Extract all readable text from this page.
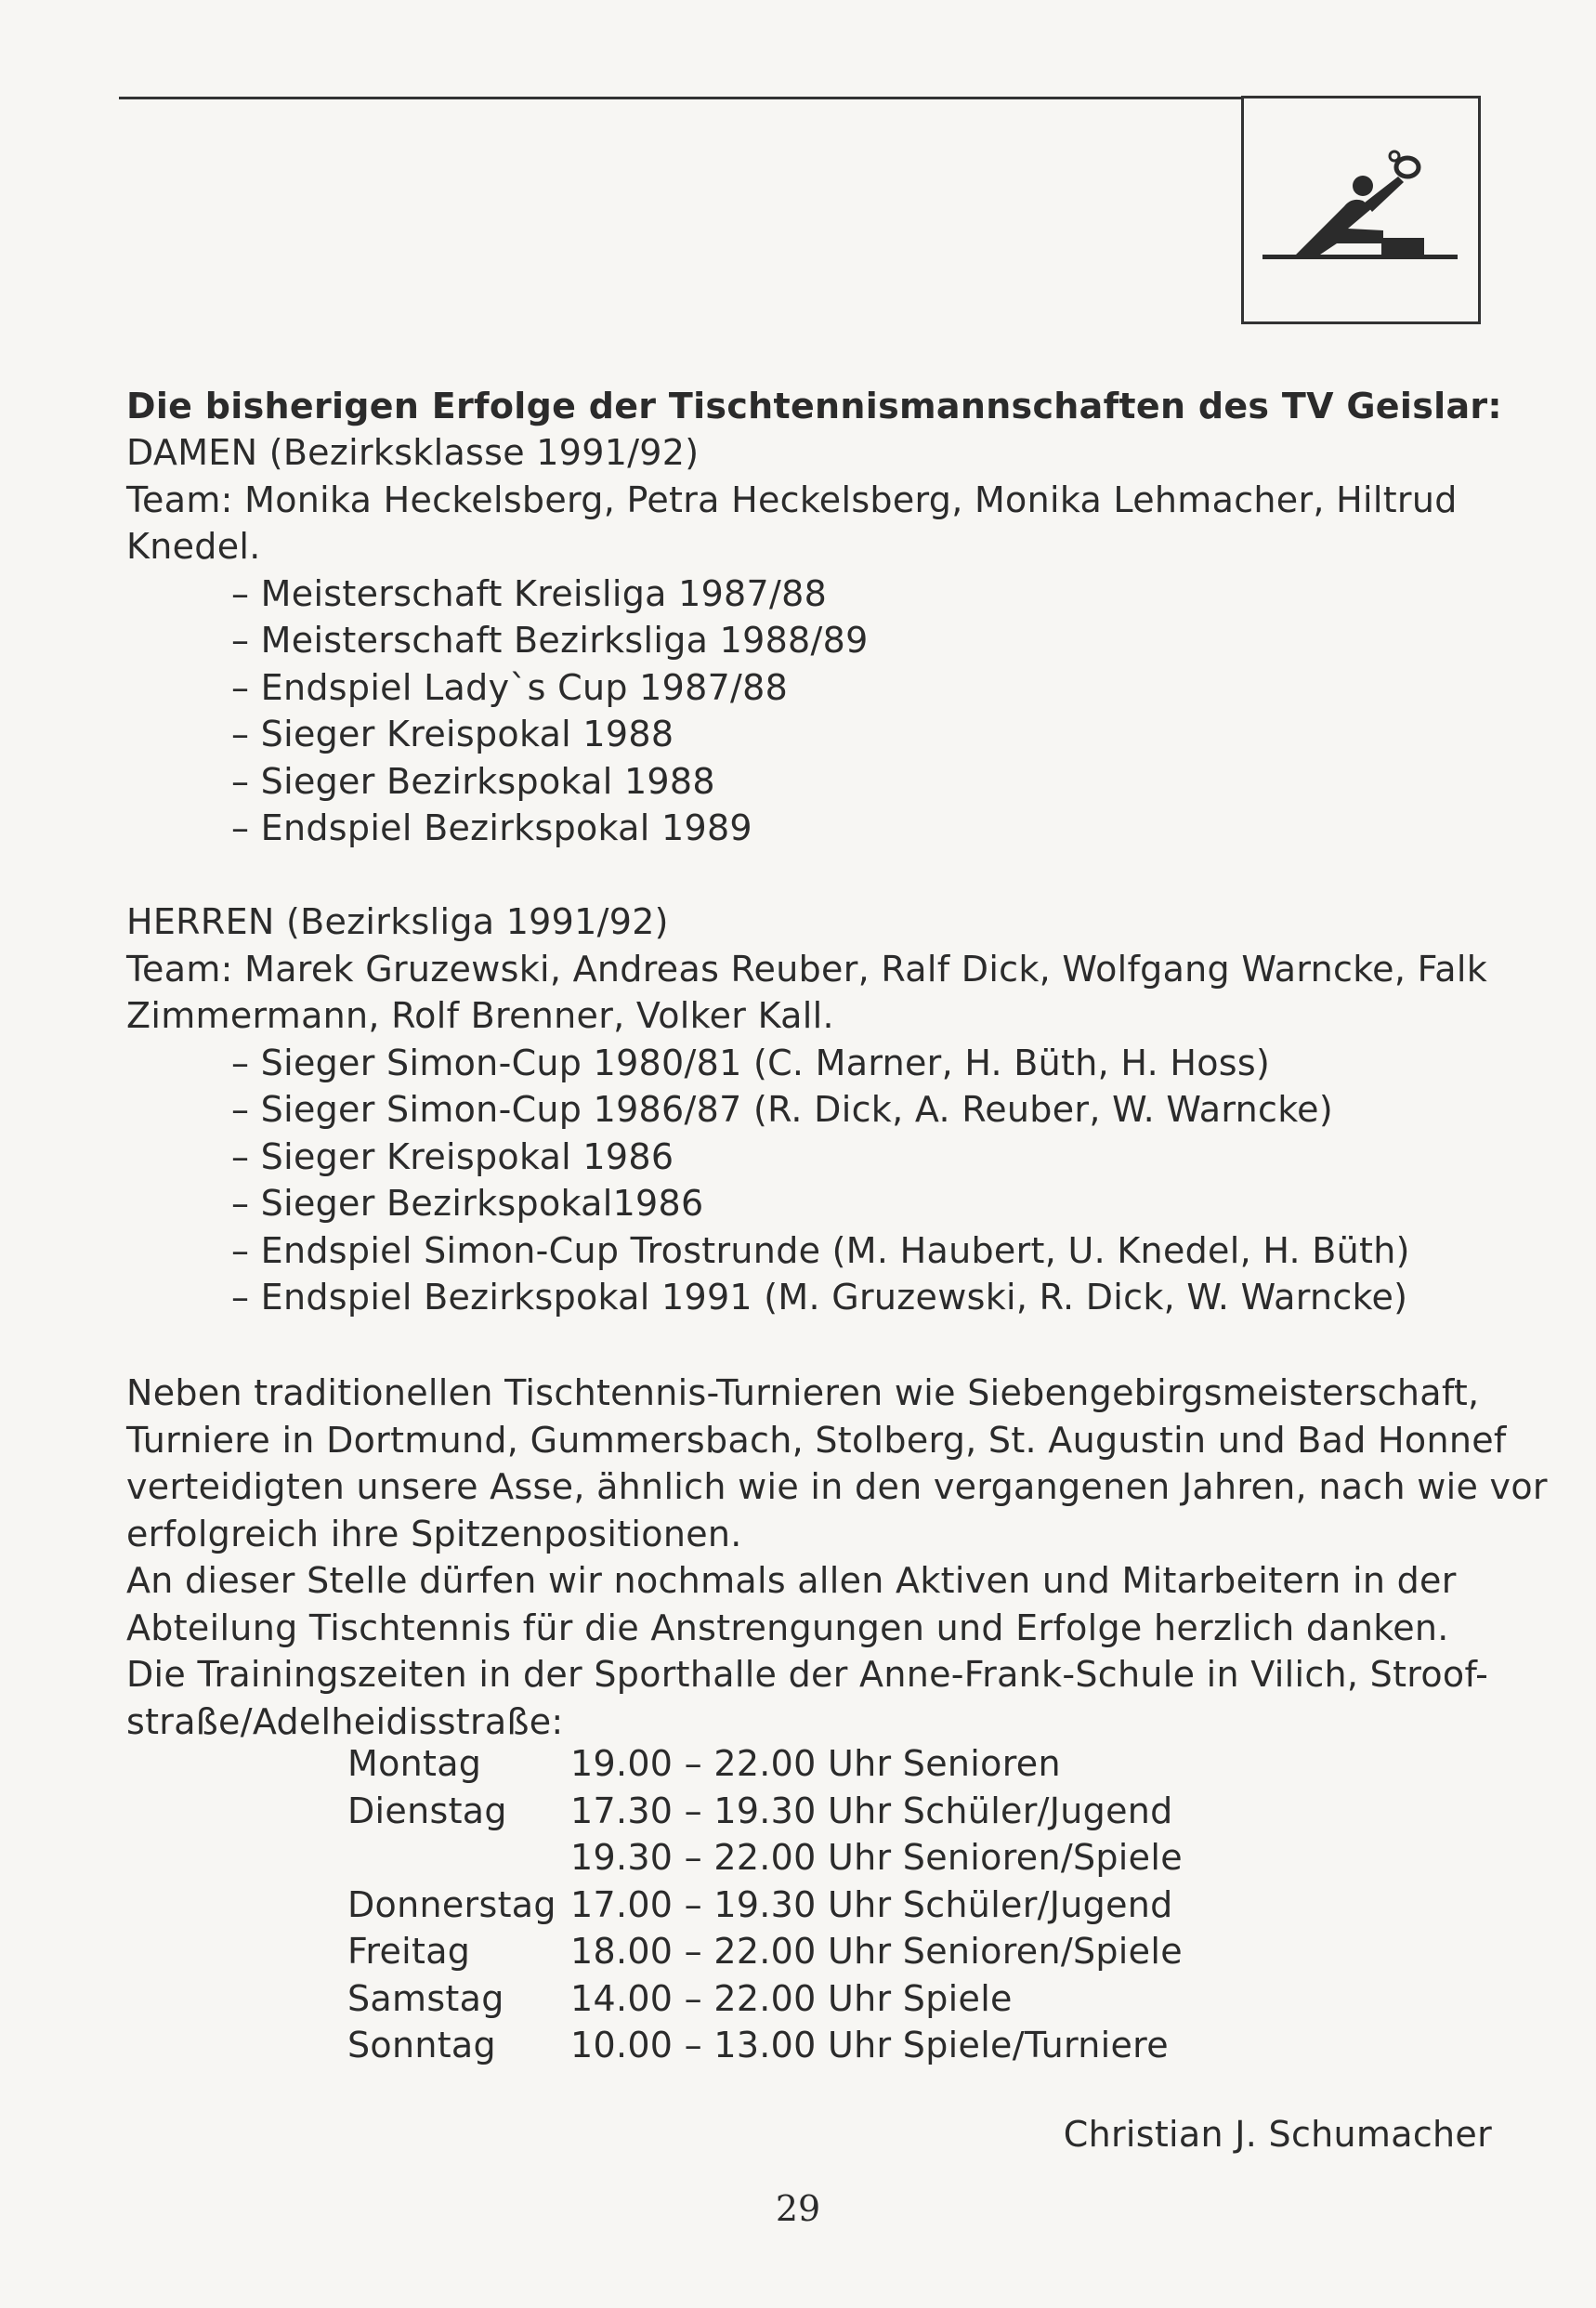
Die bisherigen Erfolge der Tischtennismannschaften des TV Geislar:
DAMEN (Bezirksklasse 1991/92)
Team: Monika Heckelsberg, Petra Heckelsberg, Monika Lehmacher, Hiltrud
Knedel.
– Meisterschaft Kreisliga 1987/88
– Meisterschaft Bezirksliga 1988/89
– Endspiel Lady`s Cup 1987/88
– Sieger Kreispokal 1988
– Sieger Bezirkspokal 1988
– Endspiel Bezirkspokal 1989
HERREN (Bezirksliga 1991/92)
Team: Marek Gruzewski, Andreas Reuber, Ralf Dick, Wolfgang Warncke, Falk
Zimmermann, Rolf Brenner, Volker Kall.
– Sieger Simon-Cup 1980/81 (C. Marner, H. Büth, H. Hoss)
– Sieger Simon-Cup 1986/87 (R. Dick, A. Reuber, W. Warncke)
– Sieger Kreispokal 1986
– Sieger Bezirkspokal1986
– Endspiel Simon-Cup Trostrunde (M. Haubert, U. Knedel, H. Büth)
– Endspiel Bezirkspokal 1991 (M. Gruzewski, R. Dick, W. Warncke)
Neben traditionellen Tischtennis-Turnieren wie Siebengebirgsmeisterschaft,
Turniere in Dortmund, Gummersbach, Stolberg, St. Augustin und Bad Honnef
verteidigten unsere Asse, ähnlich wie in den vergangenen Jahren, nach wie vor
erfolgreich ihre Spitzenpositionen.
An dieser Stelle dürfen wir nochmals allen Aktiven und Mitarbeitern in der
Abteilung Tischtennis für die Anstrengungen und Erfolge herzlich danken.
Die Trainingszeiten in der Sporthalle der Anne-Frank-Schule in Vilich, Stroof-
straße/Adelheidisstraße:
Montag	19.00 – 22.00 Uhr Senioren
Dienstag	17.30 – 19.30 Uhr Schüler/Jugend
19.30 – 22.00 Uhr Senioren/Spiele
Donnerstag 17.00 – 19.30 Uhr Schüler/Jugend
Freitag	18.00 – 22.00 Uhr Senioren/Spiele
Samstag	14.00 – 22.00 Uhr Spiele
Sonntag	10.00 – 13.00 Uhr Spiele/Turniere
Christian J. Schumacher
29
